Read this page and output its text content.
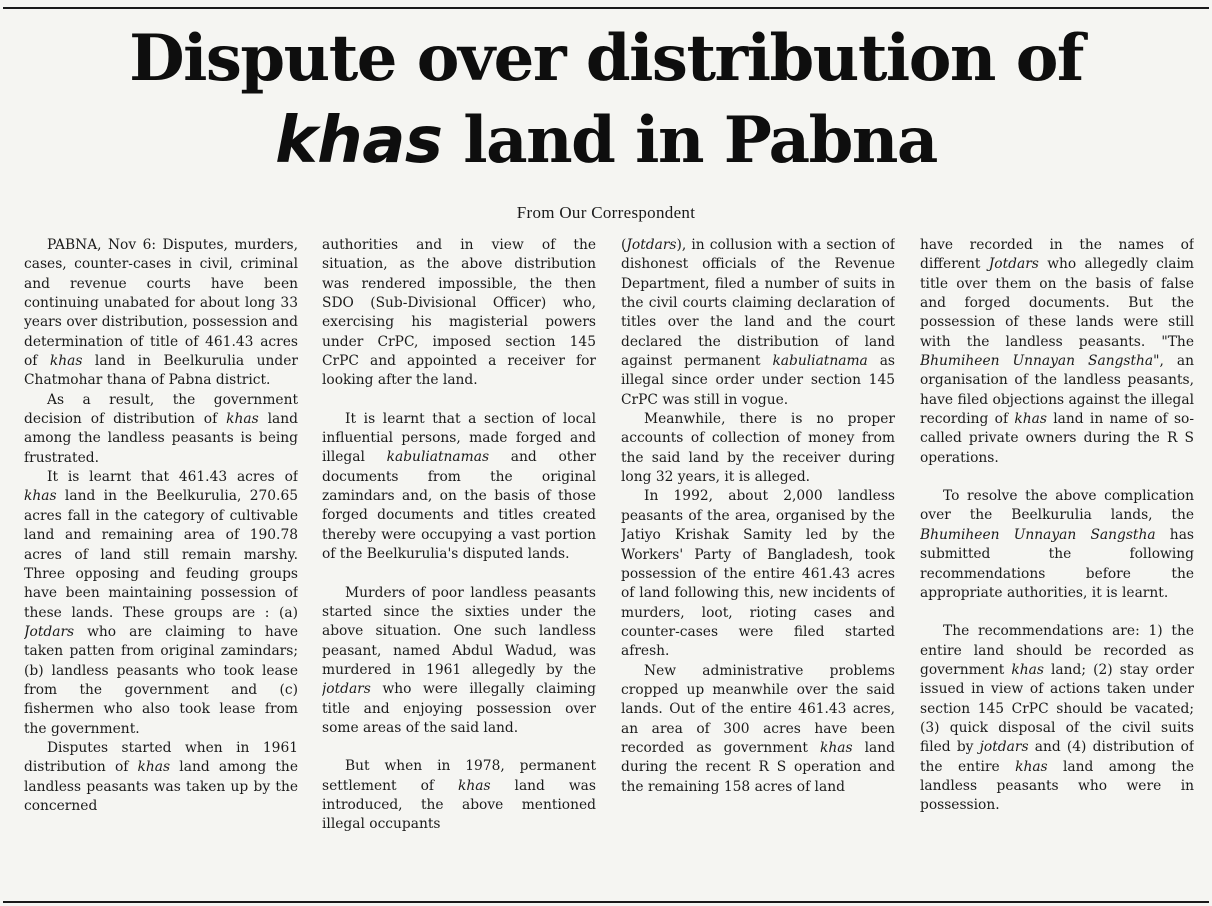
Dispute over distribution of
khas land in Pabna
From Our Correspondent

PABNA, Nov 6: Disputes, murders, cases, counter-cases in civil, criminal and revenue courts have been continuing unabated for about long 33 years over distribution, possession and determination of title of 461.43 acres of khas land in Beelkurulia under Chatmohar thana of Pabna district.

As a result, the government decision of distribution of khas land among the landless peasants is being frustrated.

It is learnt that 461.43 acres of khas land in the Beelkurulia, 270.65 acres fall in the category of cultivable land and remaining area of 190.78 acres of land still remain marshy. Three opposing and feuding groups have been maintaining possession of these lands. These groups are : (a) Jotdars who are claiming to have taken patten from original zamindars; (b) landless peasants who took lease from the government and (c) fishermen who also took lease from the government.

Disputes started when in 1961 distribution of khas land among the landless peasants was taken up by the concerned

authorities and in view of the situation, as the above distribution was rendered impossible, the then SDO (Sub-Divisional Officer) who, exercising his magisterial powers under CrPC, imposed section 145 CrPC and appointed a receiver for looking after the land.

It is learnt that a section of local influential persons, made forged and illegal kabuliatnamas and other documents from the original zamindars and, on the basis of those forged documents and titles created thereby were occupying a vast portion of the Beelkurulia's disputed lands.

Murders of poor landless peasants started since the sixties under the above situation. One such landless peasant, named Abdul Wadud, was murdered in 1961 allegedly by the jotdars who were illegally claiming title and enjoying possession over some areas of the said land.

But when in 1978, permanent settlement of khas land was introduced, the above mentioned illegal occupants

(Jotdars), in collusion with a section of dishonest officials of the Revenue Department, filed a number of suits in the civil courts claiming declaration of titles over the land and the court declared the distribution of land against permanent kabuliatnama as illegal since order under section 145 CrPC was still in vogue.

Meanwhile, there is no proper accounts of collection of money from the said land by the receiver during long 32 years, it is alleged.

In 1992, about 2,000 landless peasants of the area, organised by the Jatiyo Krishak Samity led by the Workers' Party of Bangladesh, took possession of the entire 461.43 acres of land following this, new incidents of murders, loot, rioting cases and counter-cases were filed started afresh.

New administrative problems cropped up meanwhile over the said lands. Out of the entire 461.43 acres, an area of 300 acres have been recorded as government khas land during the recent R S operation and the remaining 158 acres of land

have recorded in the names of different Jotdars who allegedly claim title over them on the basis of false and forged documents. But the possession of these lands were still with the landless peasants. "The Bhumiheen Unnayan Sangstha", an organisation of the landless peasants, have filed objections against the illegal recording of khas land in name of so-called private owners during the R S operations.

To resolve the above complication over the Beelkurulia lands, the Bhumiheen Unnayan Sangstha has submitted the following recommendations before the appropriate authorities, it is learnt.

The recommendations are: 1) the entire land should be recorded as government khas land; (2) stay order issued in view of actions taken under section 145 CrPC should be vacated; (3) quick disposal of the civil suits filed by jotdars and (4) distribution of the entire khas land among the landless peasants who were in possession.
